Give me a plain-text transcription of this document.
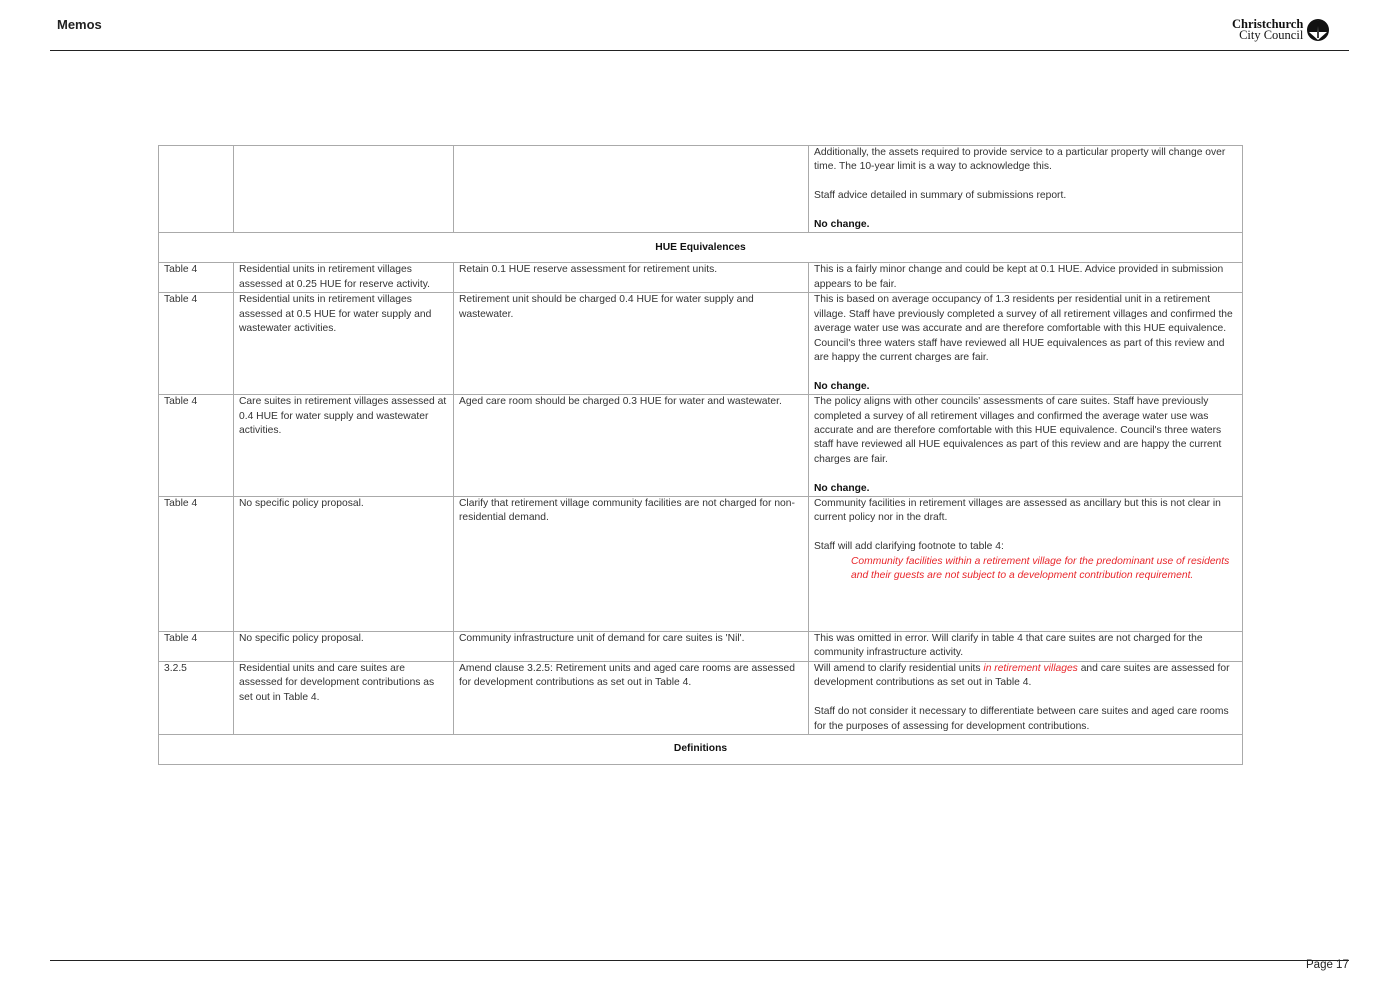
Memos	Christchurch
City Council

			Additionally, the assets required to provide service to a particular property will change over time. The 10-year limit is a way to acknowledge this.

Staff advice detailed in summary of submissions report.

No change.

HUE Equivalences			
Table 4	Residential units in retirement villages assessed at 0.25 HUE for reserve activity.	Retain 0.1 HUE reserve assessment for retirement units.	This is a fairly minor change and could be kept at 0.1 HUE. Advice provided in submission appears to be fair.
Table 4	Residential units in retirement villages assessed at 0.5 HUE for water supply and wastewater activities.	Retirement unit should be charged 0.4 HUE for water supply and wastewater.	This is based on average occupancy of 1.3 residents per residential unit in a retirement village. Staff have previously completed a survey of all retirement villages and confirmed the average water use was accurate and are therefore comfortable with this HUE equivalence. Council's three waters staff have reviewed all HUE equivalences as part of this review and are happy the current charges are fair.

No change.

Table 4	Care suites in retirement villages assessed at 0.4 HUE for water supply and wastewater activities.	Aged care room should be charged 0.3 HUE for water and wastewater.	The policy aligns with other councils' assessments of care suites. Staff have previously completed a survey of all retirement villages and confirmed the average water use was accurate and are therefore comfortable with this HUE equivalence. Council's three waters staff have reviewed all HUE equivalences as part of this review and are happy the current charges are fair.

No change.

Table 4	No specific policy proposal.	Clarify that retirement village community facilities are not charged for non-residential demand.	Community facilities in retirement villages are assessed as ancillary but this is not clear in current policy nor in the draft.

Staff will add clarifying footnote to table 4:

Community facilities within a retirement village for the predominant use of residents and their guests are not subject to a development contribution requirement.

Table 4	No specific policy proposal.	Community infrastructure unit of demand for care suites is 'Nil'.	This was omitted in error. Will clarify in table 4 that care suites are not charged for the community infrastructure activity.
3.2.5	Residential units and care suites are assessed for development contributions as set out in Table 4.	Amend clause 3.2.5: Retirement units and aged care rooms are assessed for development contributions as set out in Table 4.	Will amend to clarify residential units in retirement villages and care suites are assessed for development contributions as set out in Table 4.

Staff do not consider it necessary to differentiate between care suites and aged care rooms for the purposes of assessing for development contributions.

Definitions			
Page 17
